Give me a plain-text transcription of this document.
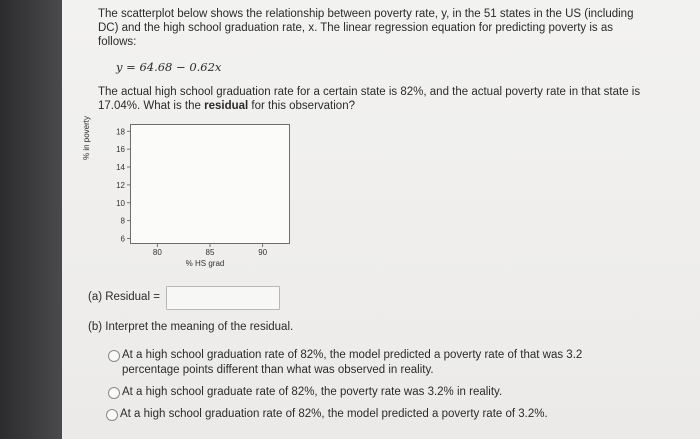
The scatterplot below shows the relationship between poverty rate, y, in the 51 states in the US (including
DC) and the high school graduation rate, x. The linear regression equation for predicting poverty is as
follows:
y = 64.68 − 0.62x
The actual high school graduation rate for a certain state is 82%, and the actual poverty rate in that state is
17.04%. What is the residual for this observation?
% in poverty
6
8
10
12
14
16
18
80	85	90
% HS grad
(a) Residual =
(b) Interpret the meaning of the residual.
At a high school graduation rate of 82%, the model predicted a poverty rate of that was 3.2
percentage points different than what was observed in reality.
At a high school graduate rate of 82%, the poverty rate was 3.2% in reality.
At a high school graduation rate of 82%, the model predicted a poverty rate of 3.2%.
